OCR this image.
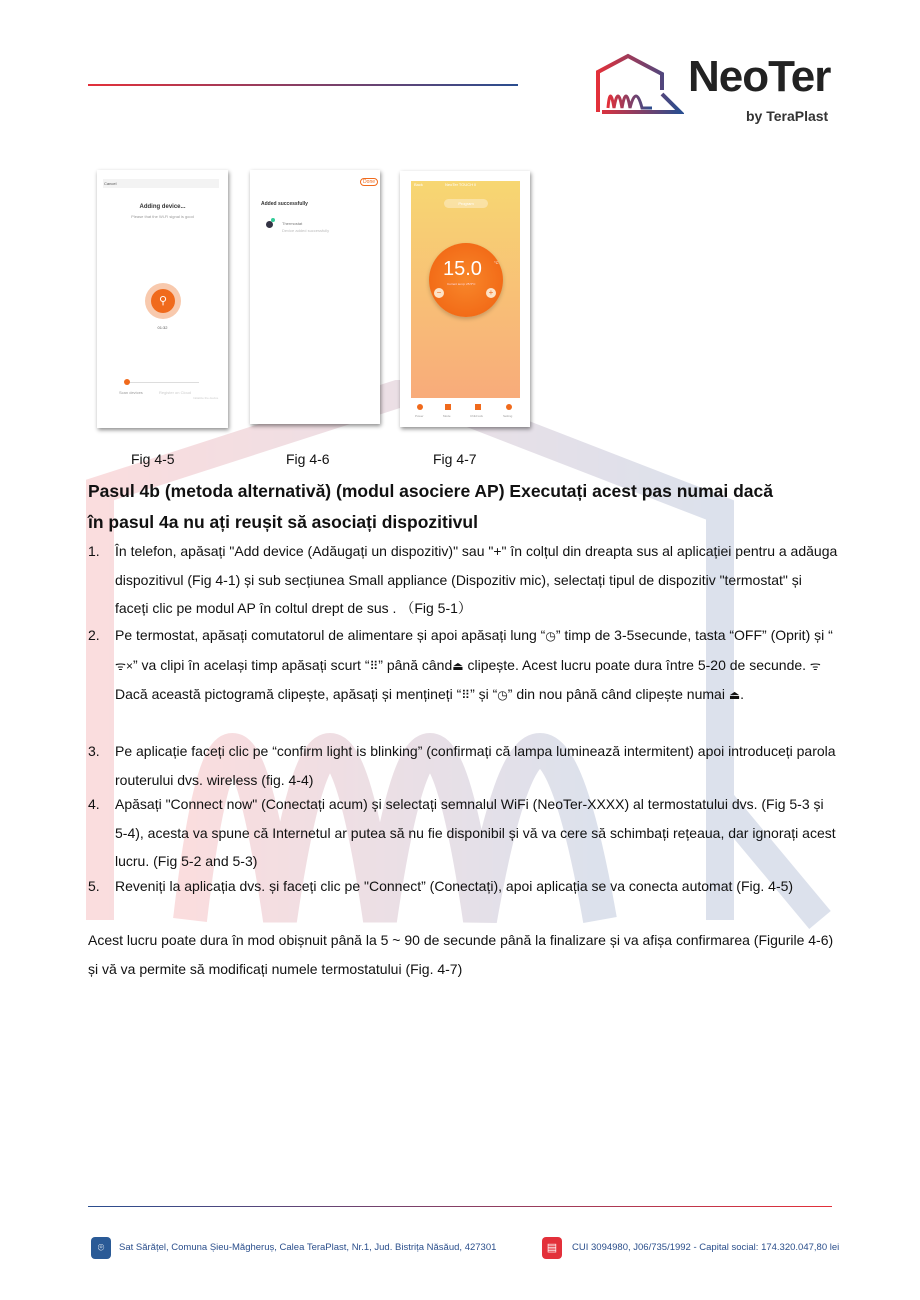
NeoTer
by TeraPlast
Cancel
Adding device...
Please that the Wi-Fi signal is good
⚲
01:32
Scan devices	Register on Cloud
Initialize the device
Done
Added successfully
Thermostat
Device added successfully
Back	NeoTer TOUCH II
Program
15.0	°C
Current temp: 25.5°C
−	+
Power	Mode	Child lock	Setting
Fig 4-5	Fig 4-6	Fig 4-7
Pasul 4b (metoda alternativă) (modul asociere AP) Executați acest pas numai dacă
în pasul 4a nu ați reușit să asociați dispozitivul
1. În telefon, apăsați "Add device (Adăugați un dispozitiv)" sau "+" în colțul din dreapta sus al aplicației pentru a adăuga dispozitivul (Fig 4-1) și sub secțiunea Small appliance (Dispozitiv mic), selectați tipul de dispozitiv "termostat" și faceți clic pe modul AP în coltul drept de sus . （Fig 5-1）
2. Pe termostat, apăsați comutatorul de alimentare și apoi apăsați lung “◷” timp de 3-5secunde, tasta “OFF” (Oprit) și “ᯤ×” va clipi în același timp apăsați scurt “⠿” până când⏏ clipește. Acest lucru poate dura între 5-20 de secunde. ᯤDacă această pictogramă clipește, apăsați și mențineți “⠿” și “◷” din nou până când clipește numai ⏏.
3. Pe aplicație faceți clic pe “confirm light is blinking” (confirmați că lampa luminează intermitent) apoi introduceți parola routerului dvs. wireless (fig. 4-4)
4. Apăsați "Connect now" (Conectați acum) și selectați semnalul WiFi (NeoTer-XXXX) al termostatului dvs. (Fig 5-3 și 5-4), acesta va spune că Internetul ar putea să nu fie disponibil și vă va cere să schimbați rețeaua, dar ignorați acest lucru. (Fig 5-2 and 5-3)
5. Reveniți la aplicația dvs. și faceți clic pe "Connect” (Conectați), apoi aplicația se va conecta automat (Fig. 4-5)
Acest lucru poate dura în mod obișnuit până la 5 ~ 90 de secunde până la finalizare și va afișa confirmarea (Figurile 4-6) și vă va permite să modificați numele termostatului (Fig. 4-7)
⌾	Sat Sărățel, Comuna Șieu-Măgheruș, Calea TeraPlast, Nr.1, Jud. Bistrița Năsăud, 427301	▤	CUI 3094980, J06/735/1992 - Capital social: 174.320.047,80 lei
